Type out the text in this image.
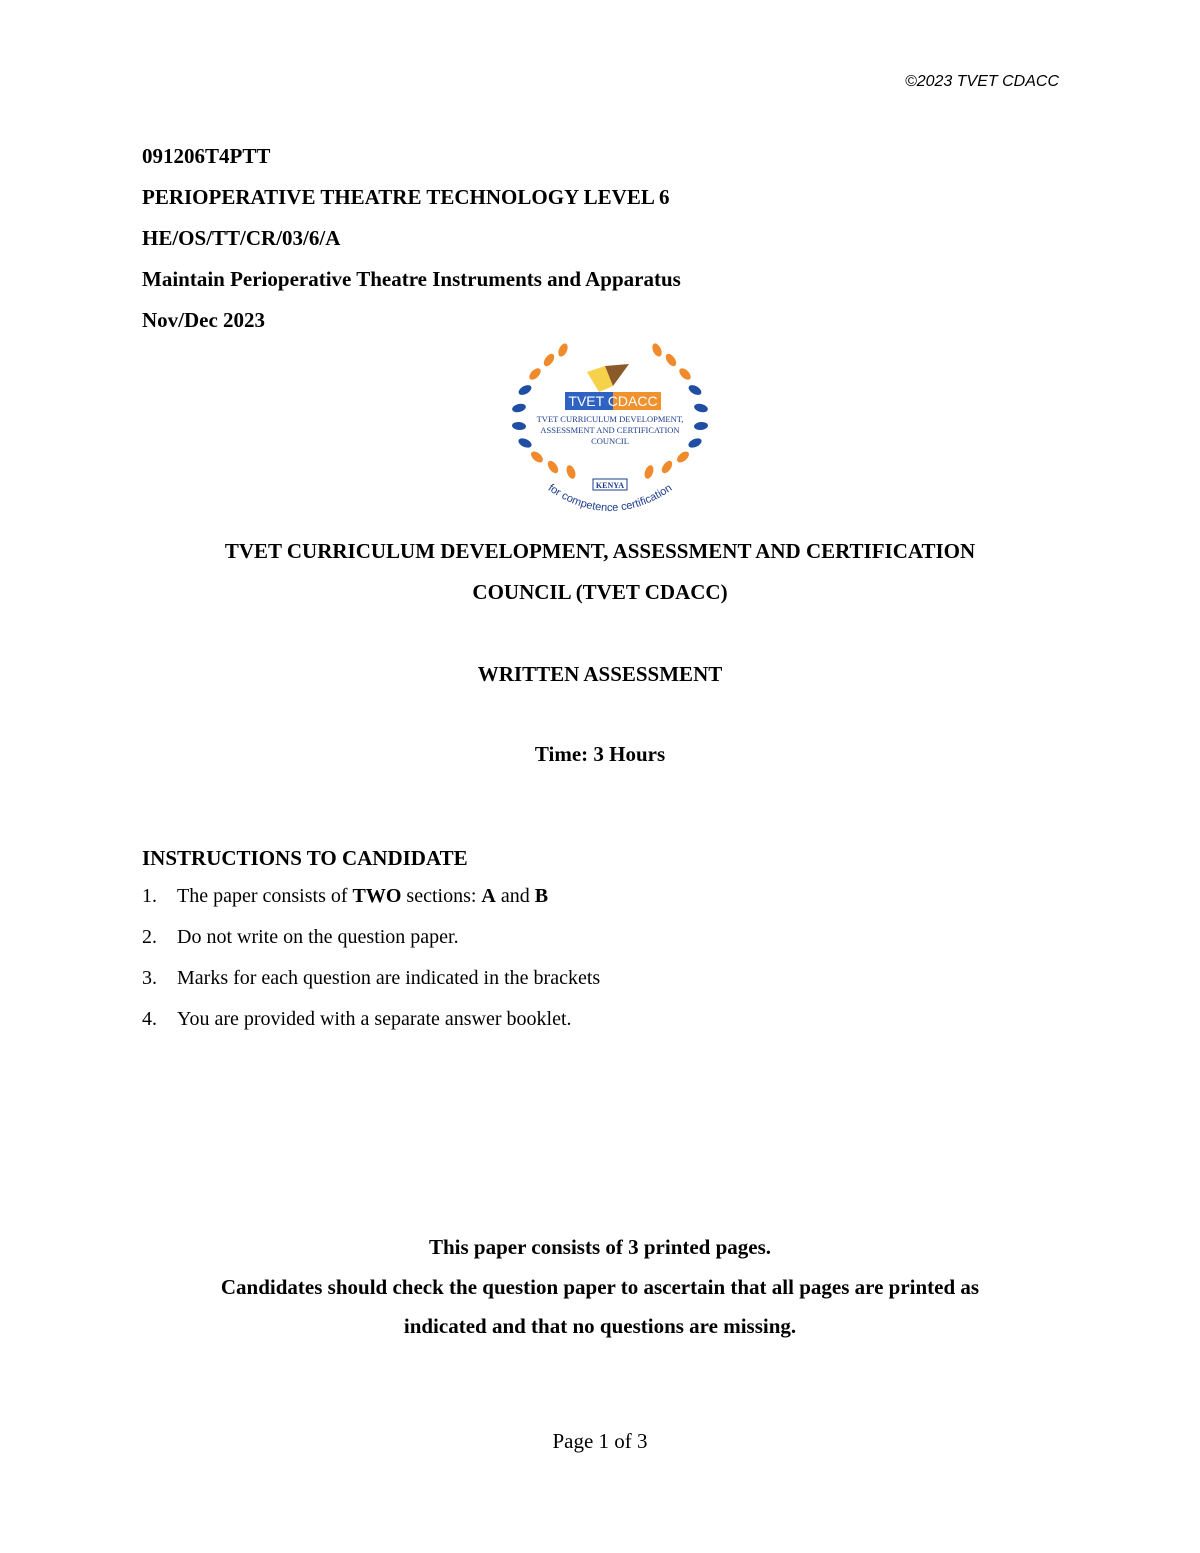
©2023 TVET CDACC
091206T4PTT
PERIOPERATIVE THEATRE TECHNOLOGY LEVEL 6
HE/OS/TT/CR/03/6/A
Maintain Perioperative Theatre Instruments and Apparatus
Nov/Dec 2023
TVET CDACC
TVET CURRICULUM DEVELOPMENT,
ASSESSMENT AND CERTIFICATION
COUNCIL
KENYA
for competence certification
TVET CURRICULUM DEVELOPMENT, ASSESSMENT AND CERTIFICATION
COUNCIL (TVET CDACC)
WRITTEN ASSESSMENT
Time: 3 Hours
INSTRUCTIONS TO CANDIDATE
1. The paper consists of TWO sections: A and B
2. Do not write on the question paper.
3. Marks for each question are indicated in the brackets
4. You are provided with a separate answer booklet.
This paper consists of 3 printed pages.
Candidates should check the question paper to ascertain that all pages are printed as
indicated and that no questions are missing.
Page 1 of 3
